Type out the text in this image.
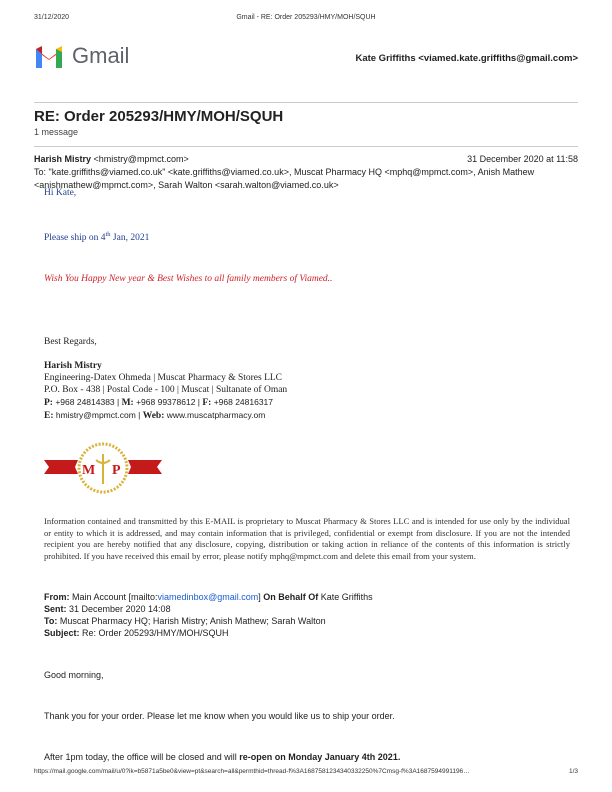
31/12/2020	Gmail - RE: Order 205293/HMY/MOH/SQUH
Gmail	Kate Griffiths <viamed.kate.griffiths@gmail.com>
RE: Order 205293/HMY/MOH/SQUH
1 message
Harish Mistry <hmistry@mpmct.com>	31 December 2020 at 11:58
To: "kate.griffiths@viamed.co.uk" <kate.griffiths@viamed.co.uk>, Muscat Pharmacy HQ <mphq@mpmct.com>, Anish Mathew
<anishmathew@mpmct.com>, Sarah Walton <sarah.walton@viamed.co.uk>
Hi Kate,
Please ship on 4th Jan, 2021
Wish You Happy New year & Best Wishes to all family members of Viamed..
Best Regards,
Harish Mistry
Engineering-Datex Ohmeda | Muscat Pharmacy & Stores LLC
P.O. Box - 438 | Postal Code - 100 | Muscat | Sultanate of Oman
P: +968 24814383 | M: +968 99378612 | F: +968 24816317
E: hmistry@mpmct.com | Web: www.muscatpharmacy.om
M P
Information contained and transmitted by this E-MAIL is proprietary to Muscat Pharmacy & Stores LLC and is intended for use only by the individual or entity to which it is addressed, and may contain information that is privileged, confidential or exempt from disclosure. If you are not the intended recipient you are hereby notified that any disclosure, copying, distribution or taking action in reliance of the contents of this information is strictly prohibited. If you have received this email by error, please notify mphq@mpmct.com and delete this email from your system.
From: Main Account [mailto:viamedinbox@gmail.com] On Behalf Of Kate Griffiths
Sent: 31 December 2020 14:08
To: Muscat Pharmacy HQ; Harish Mistry; Anish Mathew; Sarah Walton
Subject: Re: Order 205293/HMY/MOH/SQUH
Good morning,
Thank you for your order. Please let me know when you would like us to ship your order.
After 1pm today, the office will be closed and will re-open on Monday January 4th 2021.
https://mail.google.com/mail/u/0?ik=b5871a5be0&view=pt&search=all&permthid=thread-f%3A1687581234340332250%7Cmsg-f%3A1687594991196…	1/3
